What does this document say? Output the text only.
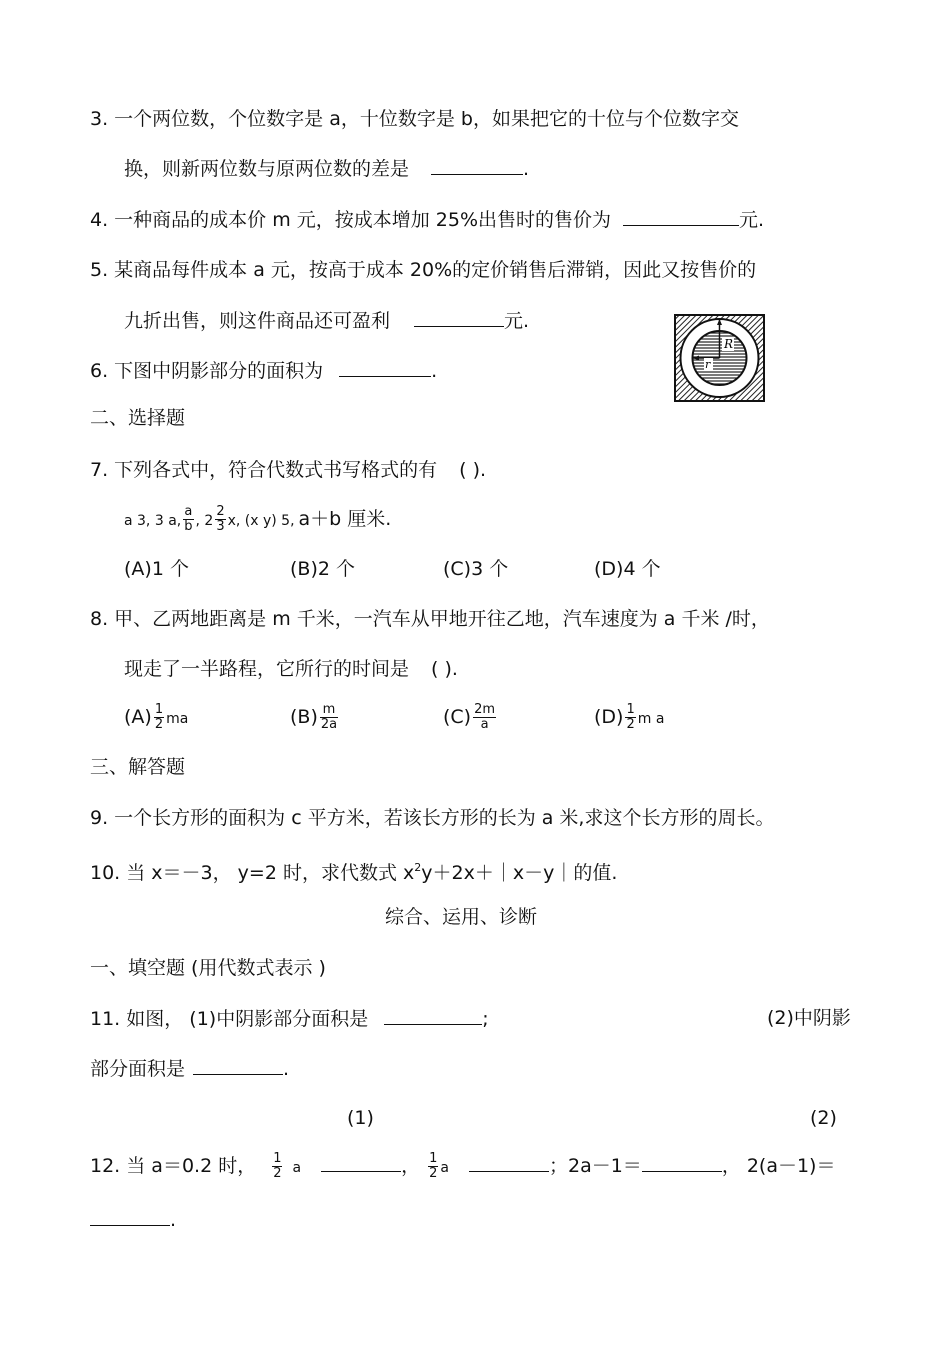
3. 一个两位数，个位数字是 a，十位数字是 b，如果把它的十位与个位数字交
换，则新两位数与原两位数的差是	.
4. 一种商品的成本价 m 元，按成本增加 25%出售时的售价为	元.
5. 某商品每件成本 a 元，按高于成本 20%的定价销售后滞销，因此又按售价的
九折出售，则这件商品还可盈利	元.
6. 下图中阴影部分的面积为	.
R
r
二、选择题
7. 下列各式中，符合代数式书写格式的有 ( ).
a 3, 3 a, $\frac{a}{b}$ , $2 \frac{2}{3} x$, (x y) 5, a＋b 厘米.
(A)1 个	(B)2 个	(C)3 个	(D)4 个
8. 甲、乙两地距离是 m 千米，一汽车从甲地开往乙地，汽车速度为 a 千米 /时，
现走了一半路程，它所行的时间是 ( ).
$(A) \frac{1}{2}$ ma	$(B) \frac{m}{2a}$	$(C) \frac{2m}{a}$	$(D) \frac{1}{2}$ m a
三、解答题
9. 一个长方形的面积为 c 平方米，若该长方形的长为 a 米,求这个长方形的周长。
10. 当 x＝－3， y=2 时，求代数式 $x^2y+2x+|x-y|$的值.
综合、运用、诊断
一、填空题 (用代数式表示 )
11. 如图， (1)中阴影部分面积是	;	(2)中阴影
部分面积是	.
(1)	(2)
12. 当 a＝0.2 时， $\frac{1}{2}$ a	， $\frac{1}{2}$ a	；2a－1＝	， 2(a－1)＝
.
